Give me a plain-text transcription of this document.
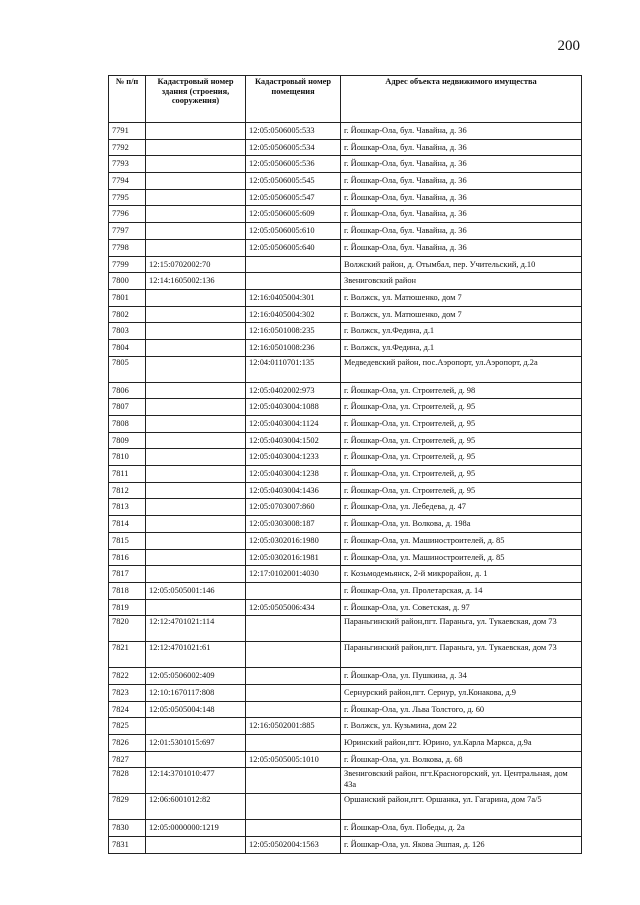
200
№ п/п	Кадастровый номер здания (строения, сооружения)	Кадастровый номер помещения	Адрес объекта недвижимого имущества
7791		12:05:0506005:533	г. Йошкар-Ола, бул. Чавайна, д. 36
7792		12:05:0506005:534	г. Йошкар-Ола, бул. Чавайна, д. 36
7793		12:05:0506005:536	г. Йошкар-Ола, бул. Чавайна, д. 36
7794		12:05:0506005:545	г. Йошкар-Ола, бул. Чавайна, д. 36
7795		12:05:0506005:547	г. Йошкар-Ола, бул. Чавайна, д. 36
7796		12:05:0506005:609	г. Йошкар-Ола, бул. Чавайна, д. 36
7797		12:05:0506005:610	г. Йошкар-Ола, бул. Чавайна, д. 36
7798		12:05:0506005:640	г. Йошкар-Ола, бул. Чавайна, д. 36
7799	12:15:0702002:70		Волжский район, д. Отымбал, пер. Учительский, д.10
7800	12:14:1605002:136		Звениговский район
7801		12:16:0405004:301	г. Волжск, ул. Матюшенко, дом 7
7802		12:16:0405004:302	г. Волжск, ул. Матюшенко, дом 7
7803		12:16:0501008:235	г. Волжск, ул.Федина, д.1
7804		12:16:0501008:236	г. Волжск, ул.Федина, д.1
7805		12:04:0110701:135	Медведевский район, пос.Аэропорт, ул.Аэропорт, д.2а
7806		12:05:0402002:973	г. Йошкар-Ола, ул. Строителей, д. 98
7807		12:05:0403004:1088	г. Йошкар-Ола, ул. Строителей, д. 95
7808		12:05:0403004:1124	г. Йошкар-Ола, ул. Строителей, д. 95
7809		12:05:0403004:1502	г. Йошкар-Ола, ул. Строителей, д. 95
7810		12:05:0403004:1233	г. Йошкар-Ола, ул. Строителей, д. 95
7811		12:05:0403004:1238	г. Йошкар-Ола, ул. Строителей, д. 95
7812		12:05:0403004:1436	г. Йошкар-Ола, ул. Строителей, д. 95
7813		12:05:0703007:860	г. Йошкар-Ола, ул. Лебедева, д. 47
7814		12:05:0303008:187	г. Йошкар-Ола, ул. Волкова, д. 198а
7815		12:05:0302016:1980	г. Йошкар-Ола, ул. Машиностроителей, д. 85
7816		12:05:0302016:1981	г. Йошкар-Ола, ул. Машиностроителей, д. 85
7817		12:17:0102001:4030	г. Козьмодемьянск, 2-й микрорайон, д. 1
7818	12:05:0505001:146		г. Йошкар-Ола, ул. Пролетарская, д. 14
7819		12:05:0505006:434	г. Йошкар-Ола, ул. Советская, д. 97
7820	12:12:4701021:114		Параньгинский район,пгт. Параньга, ул. Тукаевская, дом 73
7821	12:12:4701021:61		Параньгинский район,пгт. Параньга, ул. Тукаевская, дом 73
7822	12:05:0506002:409		г. Йошкар-Ола, ул. Пушкина, д. 34
7823	12:10:1670117:808		Сернурский район,пгт. Сернур, ул.Конакова, д.9
7824	12:05:0505004:148		г. Йошкар-Ола, ул. Льва Толстого, д. 60
7825		12:16:0502001:885	г. Волжск, ул. Кузьмина, дом 22
7826	12:01:5301015:697		Юринский район,пгт. Юрино, ул.Карла Маркса, д.9а
7827		12:05:0505005:1010	г. Йошкар-Ола, ул. Волкова, д. 68
7828	12:14:3701010:477		Звениговский район, пгт.Красногорский, ул. Центральная, дом 43а
7829	12:06:6001012:82		Оршанский район,пгт. Оршанка, ул. Гагарина, дом 7а/5
7830	12:05:0000000:1219		г. Йошкар-Ола, бул. Победы, д. 2а
7831		12:05:0502004:1563	г. Йошкар-Ола, ул. Якова Эшпая, д. 126
